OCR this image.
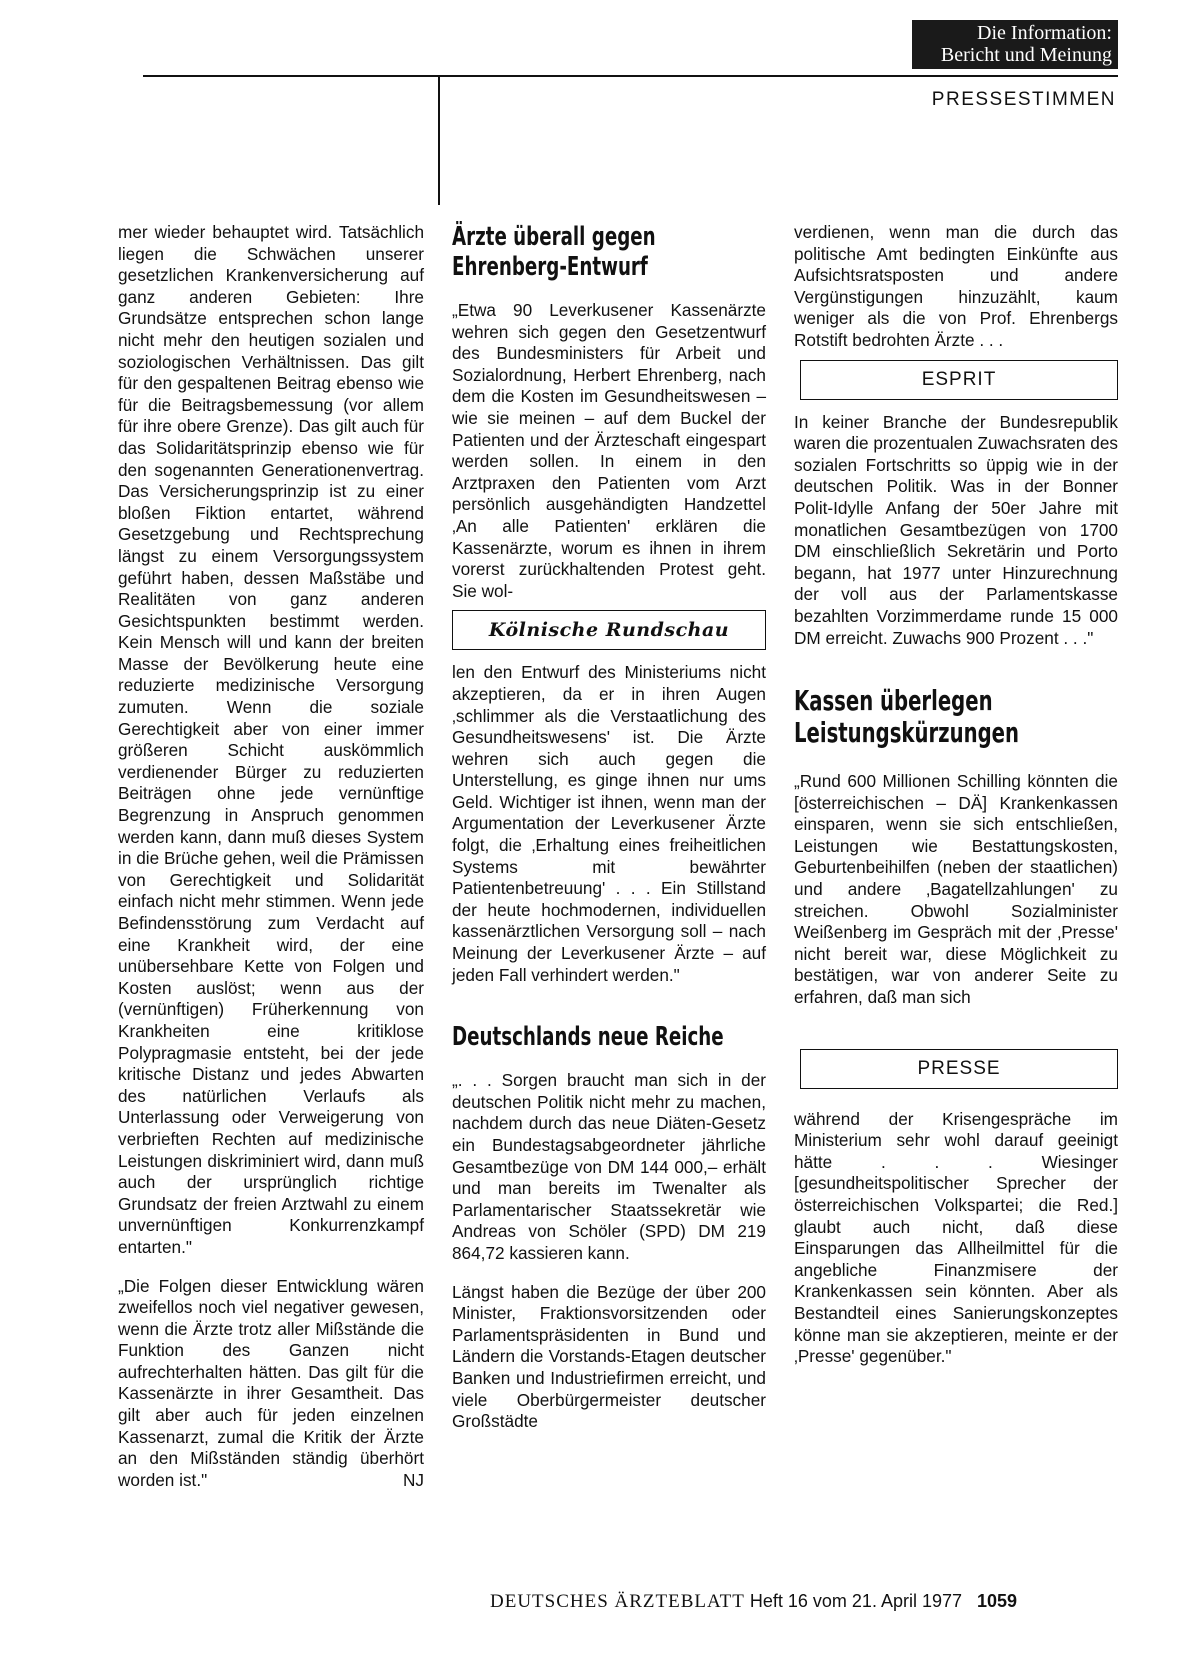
Die Information:
Bericht und Meinung
PRESSESTIMMEN

mer wieder behauptet wird. Tatsächlich liegen die Schwächen unserer gesetzlichen Krankenversicherung auf ganz anderen Gebieten: Ihre Grundsätze entsprechen schon lange nicht mehr den heutigen sozialen und soziologischen Verhältnissen. Das gilt für den gespaltenen Beitrag ebenso wie für die Beitragsbemessung (vor allem für ihre obere Grenze). Das gilt auch für das Solidaritätsprinzip ebenso wie für den sogenannten Generationenvertrag. Das Versicherungsprinzip ist zu einer bloßen Fiktion entartet, während Gesetzgebung und Rechtsprechung längst zu einem Versorgungssystem geführt haben, dessen Maßstäbe und Realitäten von ganz anderen Gesichtspunkten bestimmt werden. Kein Mensch will und kann der breiten Masse der Bevölkerung heute eine reduzierte medizinische Versorgung zumuten. Wenn die soziale Gerechtigkeit aber von einer immer größeren Schicht auskömmlich verdienender Bürger zu reduzierten Beiträgen ohne jede vernünftige Begrenzung in Anspruch genommen werden kann, dann muß dieses System in die Brüche gehen, weil die Prämissen von Gerechtigkeit und Solidarität einfach nicht mehr stimmen. Wenn jede Befindensstörung zum Verdacht auf eine Krankheit wird, der eine unübersehbare Kette von Folgen und Kosten auslöst; wenn aus der (vernünftigen) Früherkennung von Krankheiten eine kritiklose Polypragmasie entsteht, bei der jede kritische Distanz und jedes Abwarten des natürlichen Verlaufs als Unterlassung oder Verweigerung von verbrieften Rechten auf medizinische Leistungen diskriminiert wird, dann muß auch der ursprünglich richtige Grundsatz der freien Arztwahl zu einem unvernünftigen Konkurrenzkampf entarten."

„Die Folgen dieser Entwicklung wären zweifellos noch viel negativer gewesen, wenn die Ärzte trotz aller Mißstände die Funktion des Ganzen nicht aufrechterhalten hätten. Das gilt für die Kassenärzte in ihrer Gesamtheit. Das gilt aber auch für jeden einzelnen Kassenarzt, zumal die Kritik der Ärzte an den Mißständen ständig überhört worden ist."	NJ

Ärzte überall gegen Ehrenberg-Entwurf

„Etwa 90 Leverkusener Kassenärzte wehren sich gegen den Gesetzentwurf des Bundesministers für Arbeit und Sozialordnung, Herbert Ehrenberg, nach dem die Kosten im Gesundheitswesen – wie sie meinen – auf dem Buckel der Patienten und der Ärzteschaft eingespart werden sollen. In einem in den Arztpraxen den Patienten vom Arzt persönlich ausgehändigten Handzettel ‚An alle Patienten' erklären die Kassenärzte, worum es ihnen in ihrem vorerst zurückhaltenden Protest geht. Sie wol-

Kölnische Rundschau

len den Entwurf des Ministeriums nicht akzeptieren, da er in ihren Augen ‚schlimmer als die Verstaatlichung des Gesundheitswesens' ist. Die Ärzte wehren sich auch gegen die Unterstellung, es ginge ihnen nur ums Geld. Wichtiger ist ihnen, wenn man der Argumentation der Leverkusener Ärzte folgt, die ‚Erhaltung eines freiheitlichen Systems mit bewährter Patientenbetreuung' . . . Ein Stillstand der heute hochmodernen, individuellen kassenärztlichen Versorgung soll – nach Meinung der Leverkusener Ärzte – auf jeden Fall verhindert werden."

Deutschlands neue Reiche

„. . . Sorgen braucht man sich in der deutschen Politik nicht mehr zu machen, nachdem durch das neue Diäten-Gesetz ein Bundestagsabgeordneter jährliche Gesamtbezüge von DM 144 000,– erhält und man bereits im Twenalter als Parlamentarischer Staatssekretär wie Andreas von Schöler (SPD) DM 219 864,72 kassieren kann.

Längst haben die Bezüge der über 200 Minister, Fraktionsvorsitzenden oder Parlamentspräsidenten in Bund und Ländern die Vorstands-Etagen deutscher Banken und Industriefirmen erreicht, und viele Oberbürgermeister deutscher Großstädte

verdienen, wenn man die durch das politische Amt bedingten Einkünfte aus Aufsichtsratsposten und andere Vergünstigungen hinzuzählt, kaum weniger als die von Prof. Ehrenbergs Rotstift bedrohten Ärzte . . .

ESPRIT

In keiner Branche der Bundesrepublik waren die prozentualen Zuwachsraten des sozialen Fortschritts so üppig wie in der deutschen Politik. Was in der Bonner Polit-Idylle Anfang der 50er Jahre mit monatlichen Gesamtbezügen von 1700 DM einschließlich Sekretärin und Porto begann, hat 1977 unter Hinzurechnung der voll aus der Parlamentskasse bezahlten Vorzimmerdame runde 15 000 DM erreicht. Zuwachs 900 Prozent . . ."

Kassen überlegen Leistungskürzungen

„Rund 600 Millionen Schilling könnten die [österreichischen – DÄ] Krankenkassen einsparen, wenn sie sich entschließen, Leistungen wie Bestattungskosten, Geburtenbeihilfen (neben der staatlichen) und andere ‚Bagatellzahlungen' zu streichen. Obwohl Sozialminister Weißenberg im Gespräch mit der ‚Presse' nicht bereit war, diese Möglichkeit zu bestätigen, war von anderer Seite zu erfahren, daß man sich

PRESSE

während der Krisengespräche im Ministerium sehr wohl darauf geeinigt hätte . . . Wiesinger [gesundheitspolitischer Sprecher der österreichischen Volkspartei; die Red.] glaubt auch nicht, daß diese Einsparungen das Allheilmittel für die angebliche Finanzmisere der Krankenkassen sein könnten. Aber als Bestandteil eines Sanierungskonzeptes könne man sie akzeptieren, meinte er der ‚Presse' gegenüber."

DEUTSCHES ÄRZTEBLATT Heft 16 vom 21. April 1977 1059
